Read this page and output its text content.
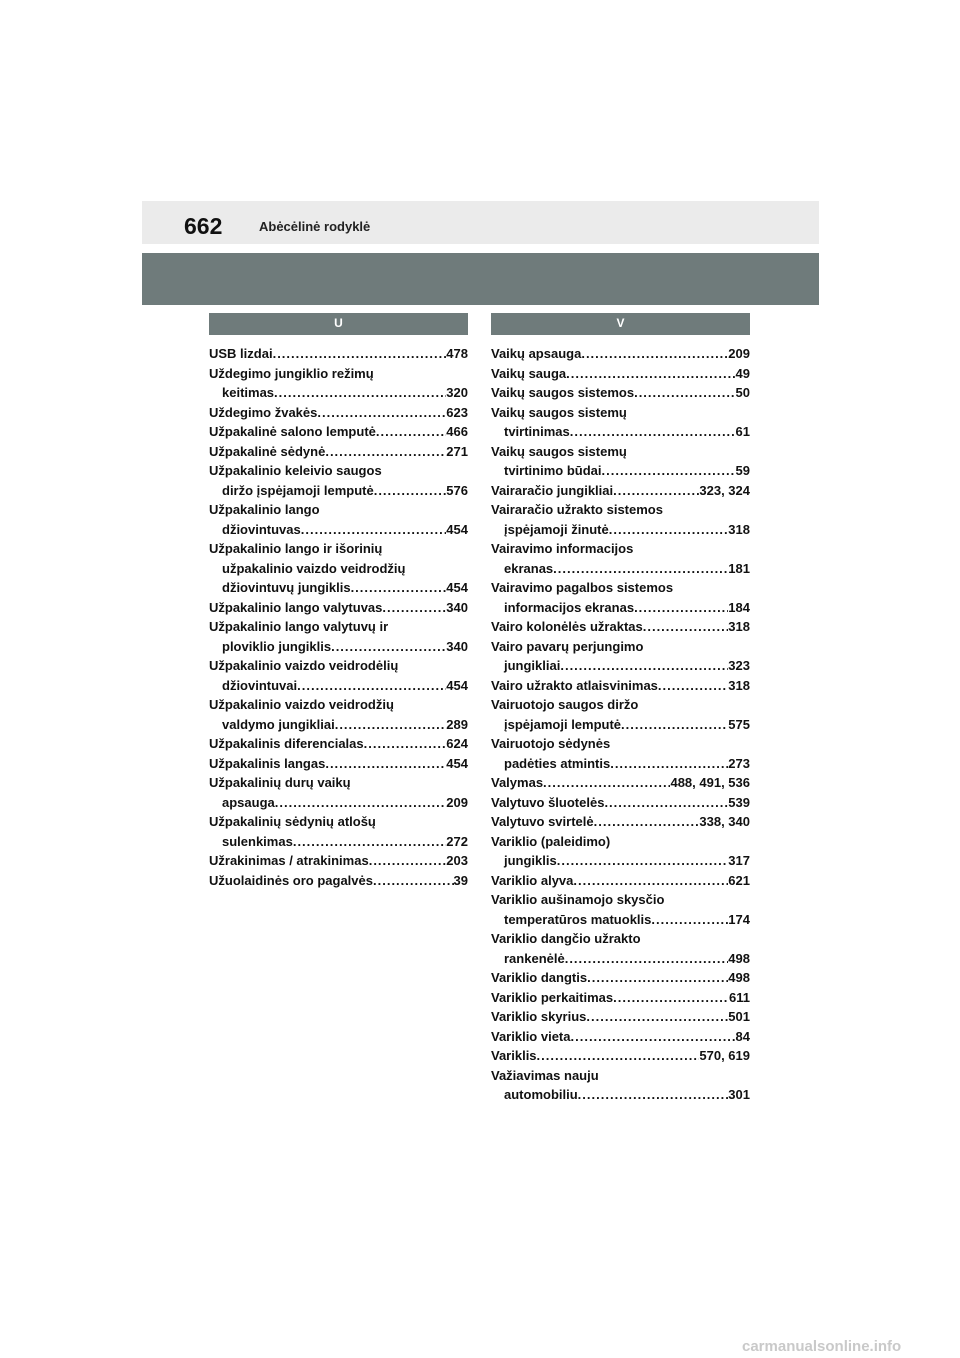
662	Abėcėlinė rodyklė
U
USB lizdai .....	478
Uždegimo jungiklio režimų
keitimas .....	320
Uždegimo žvakės .....	623
Užpakalinė salono lemputė .....	466
Užpakalinė sėdynė .....	271
Užpakalinio keleivio saugos
diržo įspėjamoji lemputė .....	576
Užpakalinio lango
džiovintuvas .....	454
Užpakalinio lango ir išorinių
užpakalinio vaizdo veidrodžių
džiovintuvų jungiklis .....	454
Užpakalinio lango valytuvas .....	340
Užpakalinio lango valytuvų ir
ploviklio jungiklis .....	340
Užpakalinio vaizdo veidrodėlių
džiovintuvai .....	454
Užpakalinio vaizdo veidrodžių
valdymo jungikliai .....	289
Užpakalinis diferencialas .....	624
Užpakalinis langas .....	454
Užpakalinių durų vaikų
apsauga .....	209
Užpakalinių sėdynių atlošų
sulenkimas .....	272
Užrakinimas / atrakinimas .....	203
Užuolaidinės oro pagalvės .....	39
V
Vaikų apsauga .....	209
Vaikų sauga .....	49
Vaikų saugos sistemos .....	50
Vaikų saugos sistemų
tvirtinimas .....	61
Vaikų saugos sistemų
tvirtinimo būdai .....	59
Vairaračio jungikliai .....	323, 324
Vairaračio užrakto sistemos
įspėjamoji žinutė .....	318
Vairavimo informacijos
ekranas .....	181
Vairavimo pagalbos sistemos
informacijos ekranas .....	184
Vairo kolonėlės užraktas .....	318
Vairo pavarų perjungimo
jungikliai .....	323
Vairo užrakto atlaisvinimas .....	318
Vairuotojo saugos diržo
įspėjamoji lemputė .....	575
Vairuotojo sėdynės
padėties atmintis .....	273
Valymas .....	488, 491, 536
Valytuvo šluotelės .....	539
Valytuvo svirtelė .....	338, 340
Variklio (paleidimo)
jungiklis .....	317
Variklio alyva .....	621
Variklio aušinamojo skysčio
temperatūros matuoklis .....	174
Variklio dangčio užrakto
rankenėlė .....	498
Variklio dangtis .....	498
Variklio perkaitimas .....	611
Variklio skyrius .....	501
Variklio vieta .....	84
Variklis .....	570, 619
Važiavimas nauju
automobiliu .....	301
carmanualsonline.info
